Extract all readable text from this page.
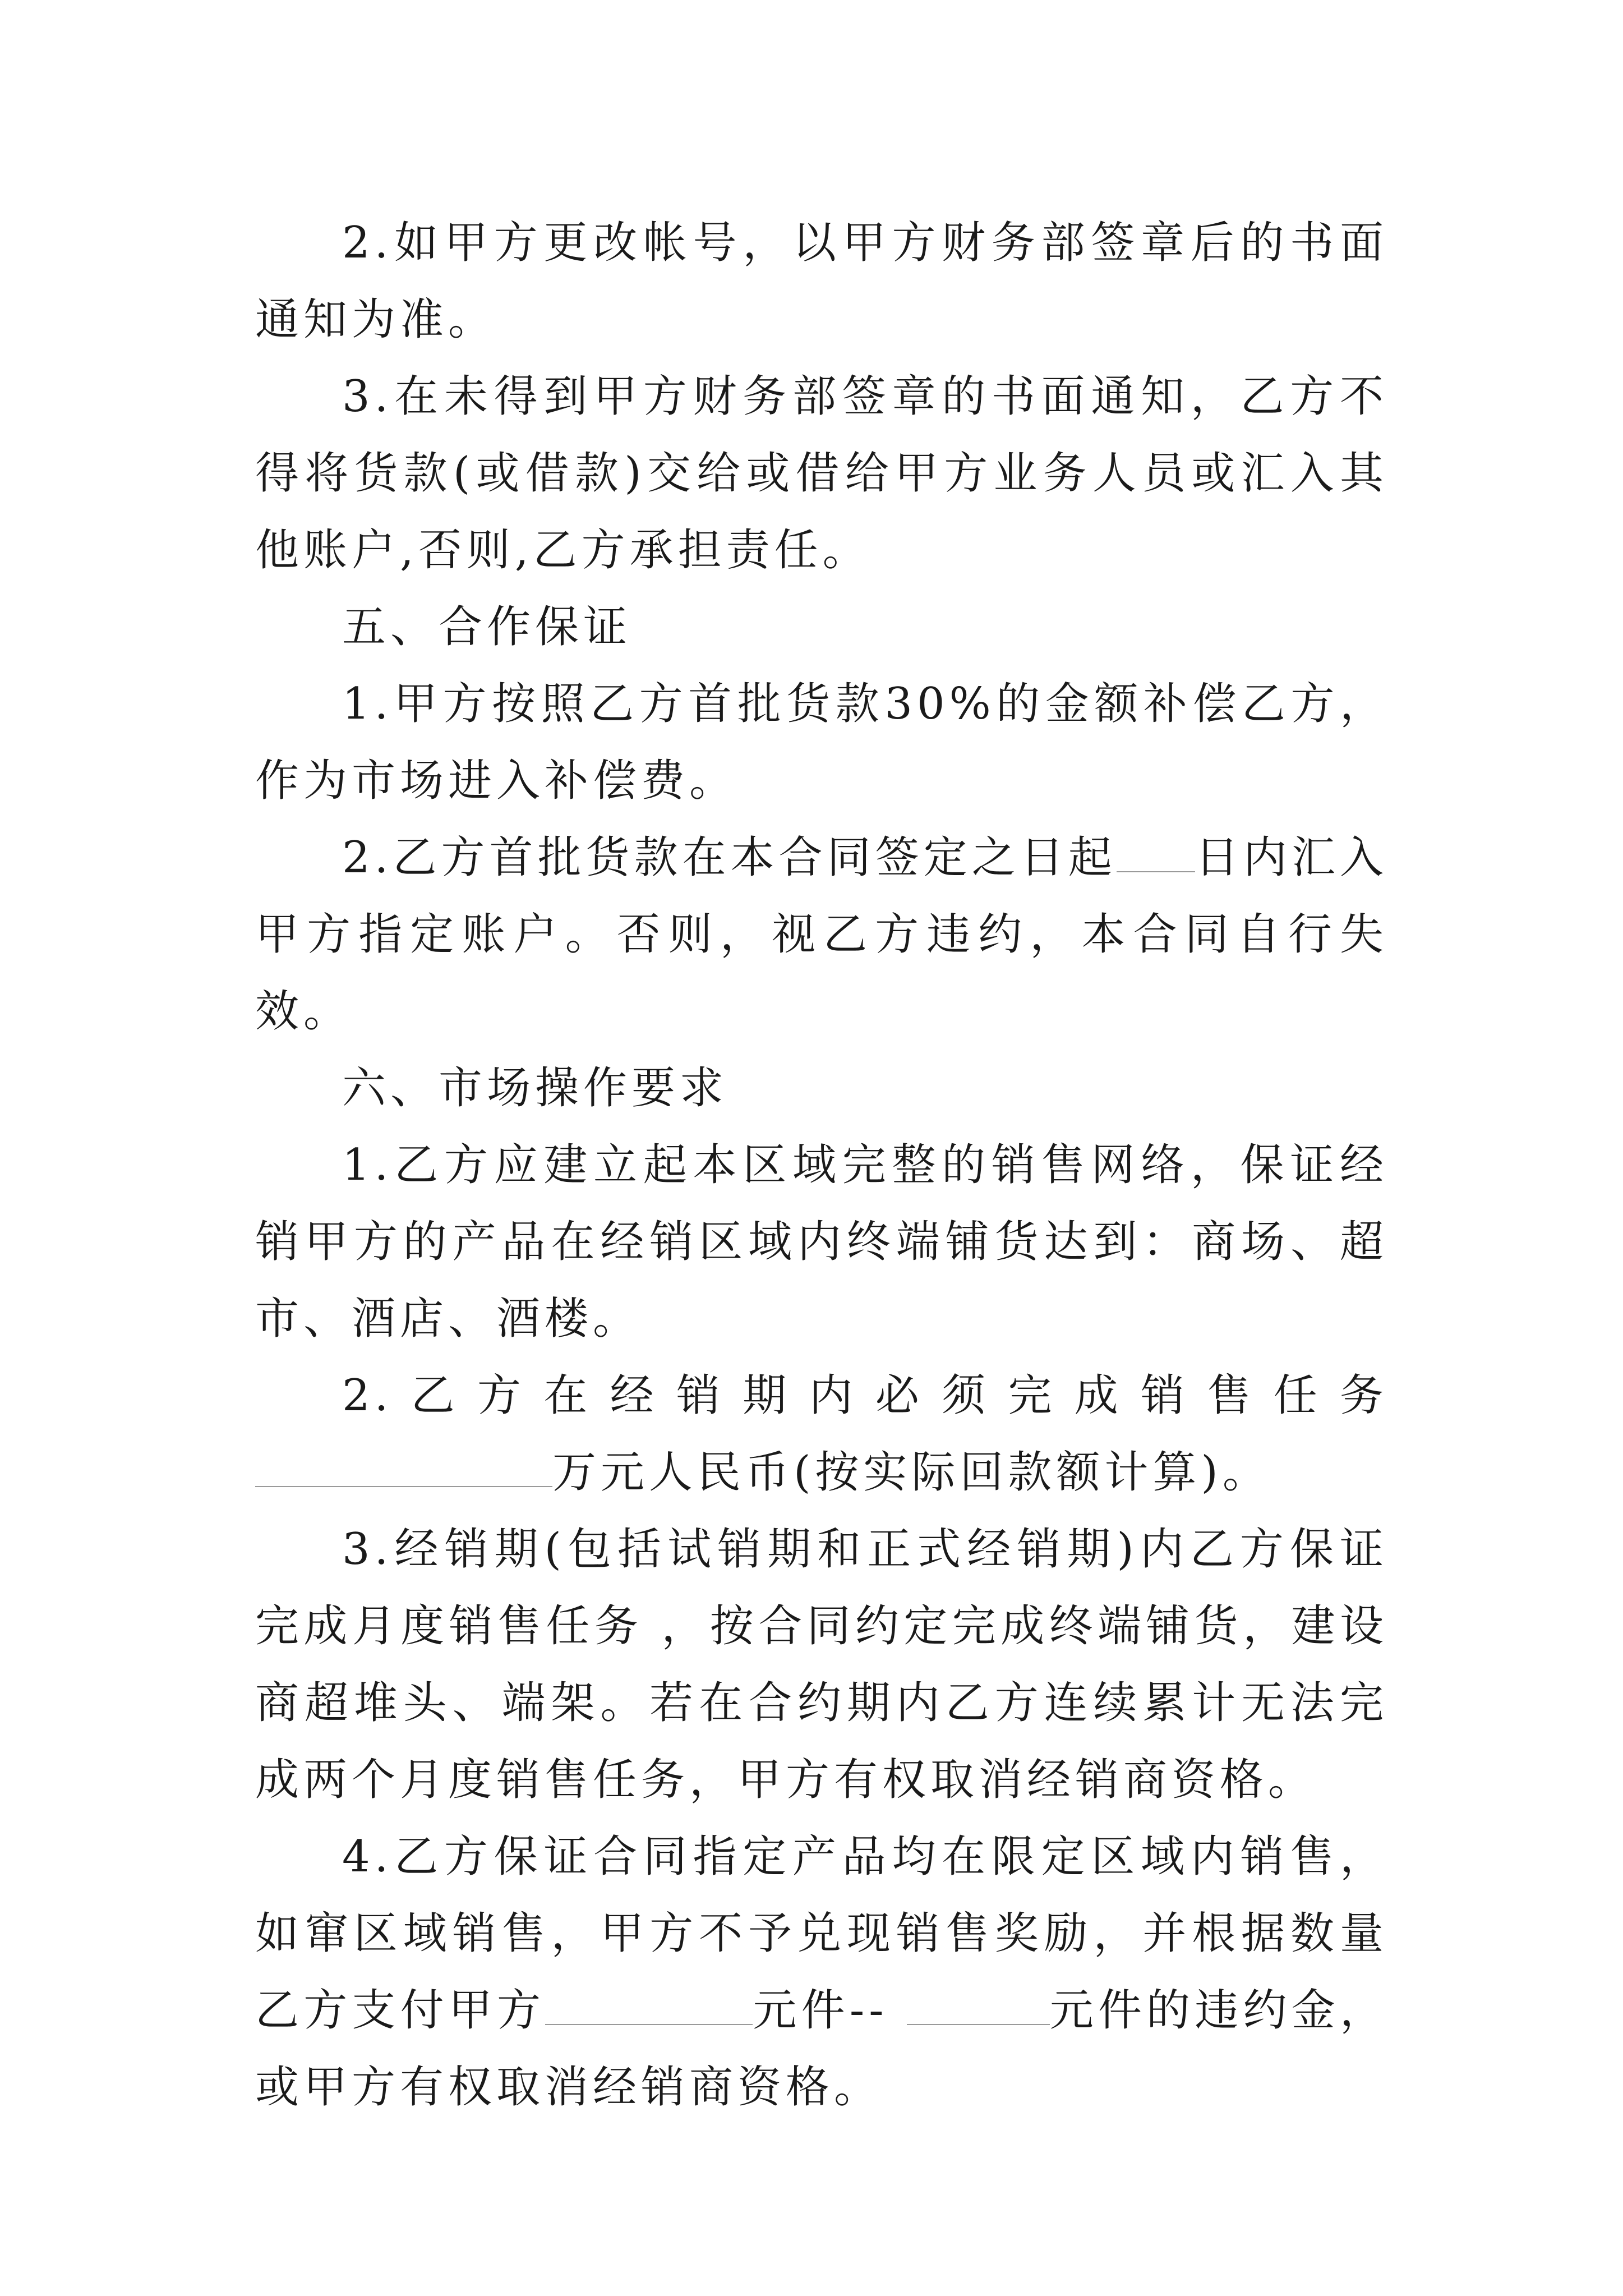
2.如甲方更改帐号，以甲方财务部签章后的书面通知为准。

3.在未得到甲方财务部签章的书面通知，乙方不得将货款(或借款)交给或借给甲方业务人员或汇入其他账户,否则,乙方承担责任。

五、合作保证

1.甲方按照乙方首批货款30%的金额补偿乙方，作为市场进入补偿费。

2.乙方首批货款在本合同签定之日起 日内汇入甲方指定账户。否则，视乙方违约，本合同自行失效。

六、市场操作要求

1.乙方应建立起本区域完整的销售网络，保证经销甲方的产品在经销区域内终端铺货达到：商场、超市、酒店、酒楼。

2.乙方在经销期内必须完成销售任务万元人民币(按实际回款额计算)。

3.经销期(包括试销期和正式经销期)内乙方保证完成月度销售任务 ，按合同约定完成终端铺货，建设商超堆头、端架。若在合约期内乙方连续累计无法完成两个月度销售任务，甲方有权取消经销商资格。

4.乙方保证合同指定产品均在限定区域内销售，如窜区域销售，甲方不予兑现销售奖励，并根据数量乙方支付甲方	元件--	元件的违约金，或甲方有权取消经销商资格。
